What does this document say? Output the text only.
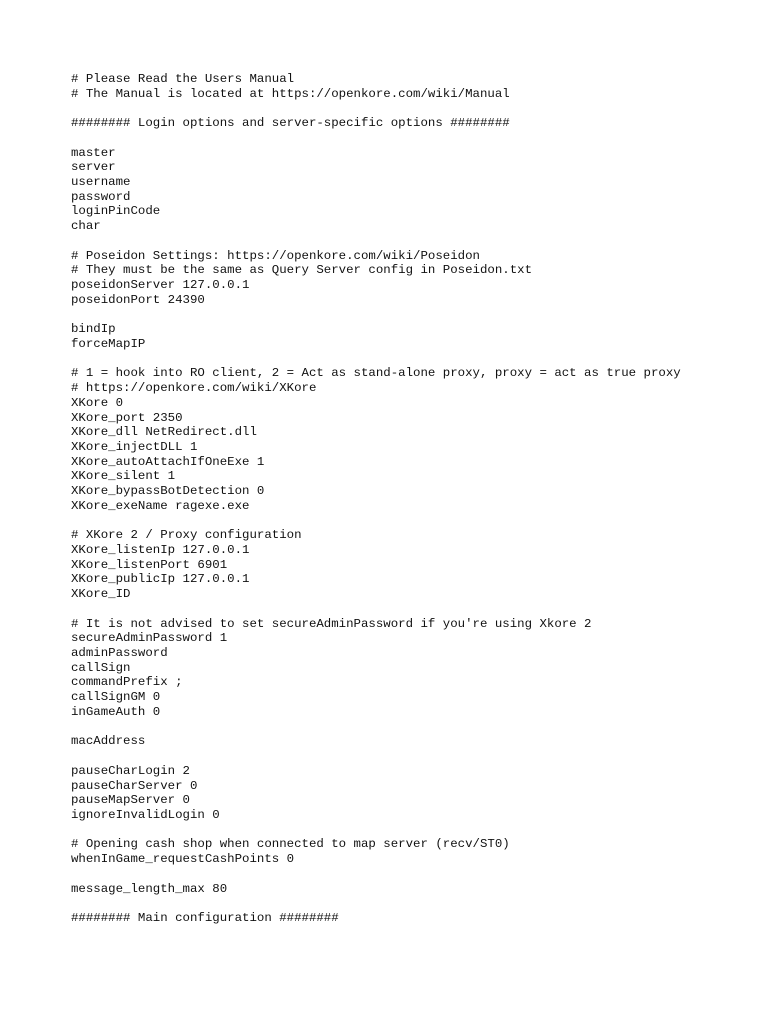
# Please Read the Users Manual
# The Manual is located at https://openkore.com/wiki/Manual
######## Login options and server-specific options ########
master
server
username
password
loginPinCode
char
# Poseidon Settings: https://openkore.com/wiki/Poseidon
# They must be the same as Query Server config in Poseidon.txt
poseidonServer 127.0.0.1
poseidonPort 24390
bindIp
forceMapIP
# 1 = hook into RO client, 2 = Act as stand-alone proxy, proxy = act as true proxy
# https://openkore.com/wiki/XKore
XKore 0
XKore_port 2350
XKore_dll NetRedirect.dll
XKore_injectDLL 1
XKore_autoAttachIfOneExe 1
XKore_silent 1
XKore_bypassBotDetection 0
XKore_exeName ragexe.exe
# XKore 2 / Proxy configuration
XKore_listenIp 127.0.0.1
XKore_listenPort 6901
XKore_publicIp 127.0.0.1
XKore_ID
# It is not advised to set secureAdminPassword if you're using Xkore 2
secureAdminPassword 1
adminPassword
callSign
commandPrefix ;
callSignGM 0
inGameAuth 0
macAddress
pauseCharLogin 2
pauseCharServer 0
pauseMapServer 0
ignoreInvalidLogin 0
# Opening cash shop when connected to map server (recv/ST0)
whenInGame_requestCashPoints 0
message_length_max 80
######## Main configuration ########
